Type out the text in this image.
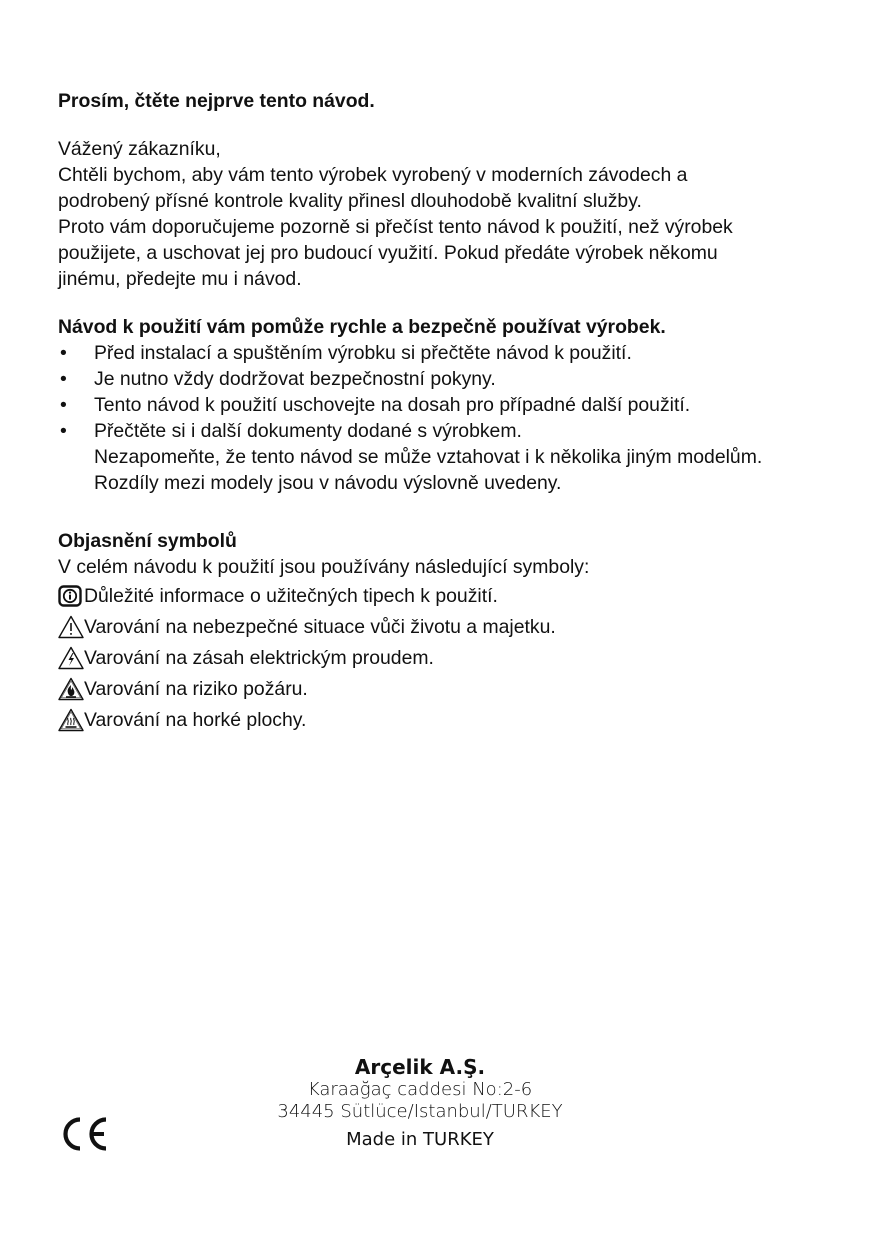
Prosím, čtěte nejprve tento návod.

Vážený zákazníku,

Chtěli bychom, aby vám tento výrobek vyrobený v moderních závodech a

podrobený přísné kontrole kvality přinesl dlouhodobě kvalitní služby.

Proto vám doporučujeme pozorně si přečíst tento návod k použití, než výrobek

použijete, a uschovat jej pro budoucí využití. Pokud předáte výrobek někomu

jinému, předejte mu i návod.

Návod k použití vám pomůže rychle a bezpečně používat výrobek.

• Před instalací a spuštěním výrobku si přečtěte návod k použití.
• Je nutno vždy dodržovat bezpečnostní pokyny.
• Tento návod k použití uschovejte na dosah pro případné další použití.
• Přečtěte si i další dokumenty dodané s výrobkem.
Nezapomeňte, že tento návod se může vztahovat i k několika jiným modelům.
Rozdíly mezi modely jsou v návodu výslovně uvedeny.

Objasnění symbolů

V celém návodu k použití jsou používány následující symboly:

Důležité informace o užitečných tipech k použití.
Varování na nebezpečné situace vůči životu a majetku.
Varování na zásah elektrickým proudem.
Varování na riziko požáru.
Varování na horké plochy.
Arçelik A.Ş.
Karaağaç caddesi No:2-6
34445 Sütlüce/Istanbul/TURKEY
Made in TURKEY
